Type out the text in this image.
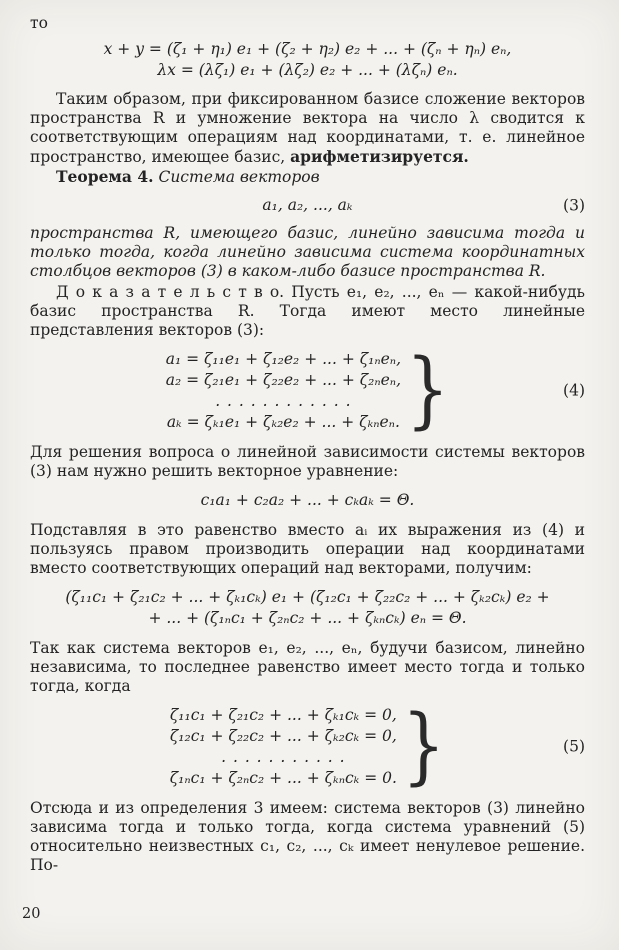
то
x + y = (ζ₁ + η₁) e₁ + (ζ₂ + η₂) e₂ + ... + (ζₙ + ηₙ) eₙ,
λx = (λζ₁) e₁ + (λζ₂) e₂ + ... + (λζₙ) eₙ.

Таким образом, при фиксированном базисе сложение векторов пространства R и умножение вектора на число λ сводится к соответствующим операциям над координатами, т. е. линейное пространство, имеющее базис, арифметизируется.

Теорема 4. Система векторов

a₁, a₂, ..., aₖ	(3)

пространства R, имеющего базис, линейно зависима тогда и только тогда, когда линейно зависима система координатных столбцов векторов (3) в каком-либо базисе пространства R.

Д о к а з а т е л ь с т в о. Пусть e₁, e₂, ..., eₙ — какой-нибудь базис пространства R. Тогда имеют место линейные представления векторов (3):

a₁ = ζ₁₁e₁ + ζ₁₂e₂ + ... + ζ₁ₙeₙ,
a₂ = ζ₂₁e₁ + ζ₂₂e₂ + ... + ζ₂ₙeₙ,
. . . . . . . . . . . .
aₖ = ζₖ₁e₁ + ζₖ₂e₂ + ... + ζₖₙeₙ. }	(4)

Для решения вопроса о линейной зависимости системы векторов (3) нам нужно решить векторное уравнение:

c₁a₁ + c₂a₂ + ... + cₖaₖ = Θ.

Подставляя в это равенство вместо aᵢ их выражения из (4) и пользуясь правом производить операции над координатами вместо соответствующих операций над векторами, получим:

(ζ₁₁c₁ + ζ₂₁c₂ + ... + ζₖ₁cₖ) e₁ + (ζ₁₂c₁ + ζ₂₂c₂ + ... + ζₖ₂cₖ) e₂ +
+ ... + (ζ₁ₙc₁ + ζ₂ₙc₂ + ... + ζₖₙcₖ) eₙ = Θ.

Так как система векторов e₁, e₂, ..., eₙ, будучи базисом, линейно независима, то последнее равенство имеет место тогда и только тогда, когда

ζ₁₁c₁ + ζ₂₁c₂ + ... + ζₖ₁cₖ = 0,
ζ₁₂c₁ + ζ₂₂c₂ + ... + ζₖ₂cₖ = 0,
. . . . . . . . . . .
ζ₁ₙc₁ + ζ₂ₙc₂ + ... + ζₖₙcₖ = 0. }	(5)

Отсюда и из определения 3 имеем: система векторов (3) линейно зависима тогда и только тогда, когда система уравнений (5) относительно неизвестных c₁, c₂, ..., cₖ имеет ненулевое решение. По-

20
